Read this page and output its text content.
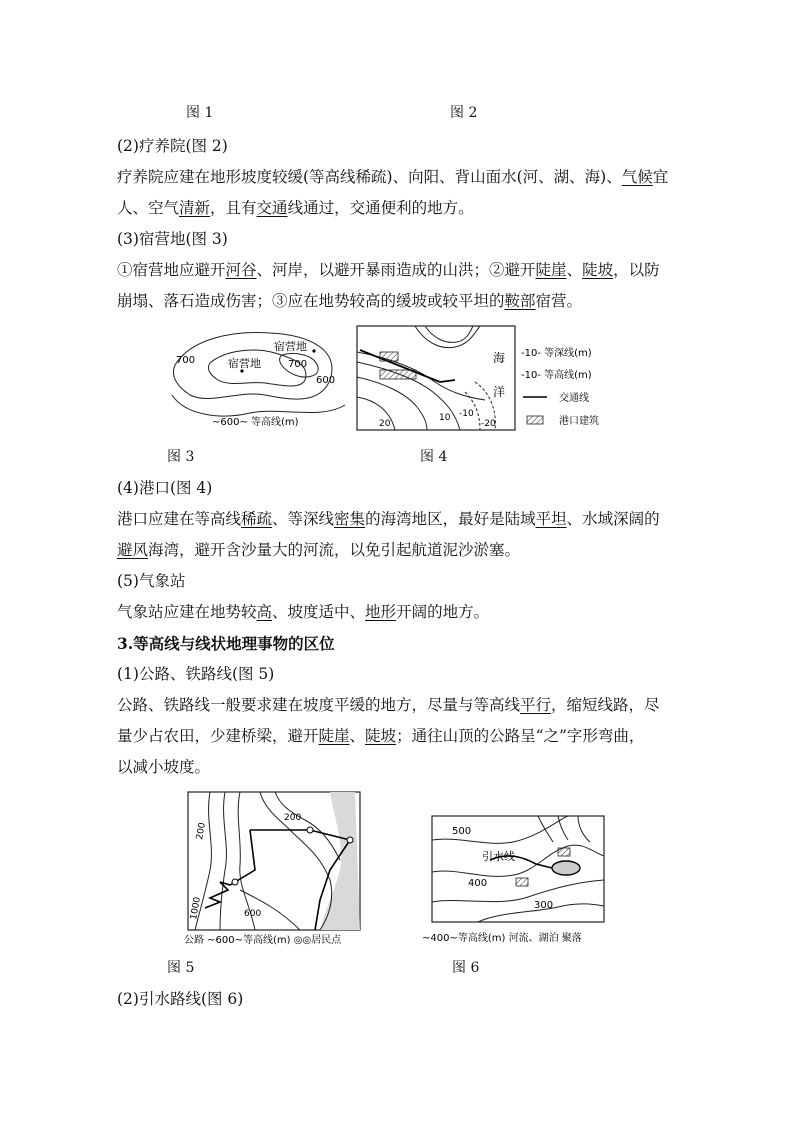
图 1	图 2
(2)疗养院(图 2)
疗养院应建在地形坡度较缓(等高线稀疏)、向阳、背山面水(河、湖、海)、气候宜
人、空气清新，且有交通线通过，交通便利的地方。
(3)宿营地(图 3)
①宿营地应避开河谷、河岸，以避开暴雨造成的山洪；②避开陡崖、陡坡，以防
崩塌、落石造成伤害；③应在地势较高的缓坡或较平坦的鞍部宿营。
700	宿营地
宿营地
700
600
~600~ 等高线(m)
海
洋
10 -10
-20
20
-10- 等深线(m)
-10- 等高线(m)
交通线
港口建筑
图 3	图 4
(4)港口(图 4)
港口应建在等高线稀疏、等深线密集的海湾地区，最好是陆域平坦、水域深阔的
避风海湾，避开含沙量大的河流，以免引起航道泥沙淤塞。
(5)气象站
气象站应建在地势较高、坡度适中、地形开阔的地方。
3.等高线与线状地理事物的区位
(1)公路、铁路线(图 5)
公路、铁路线一般要求建在坡度平缓的地方，尽量与等高线平行，缩短线路，尽
量少占农田，少建桥梁，避开陡崖、陡坡；通往山顶的公路呈“之”字形弯曲，
以减小坡度。
200
200
600
1000
公路 ~600~等高线(m) ◎◎居民点
500
引水线
400
300
~400~等高线(m) 河流、湖泊 聚落
图 5	图 6
(2)引水路线(图 6)
